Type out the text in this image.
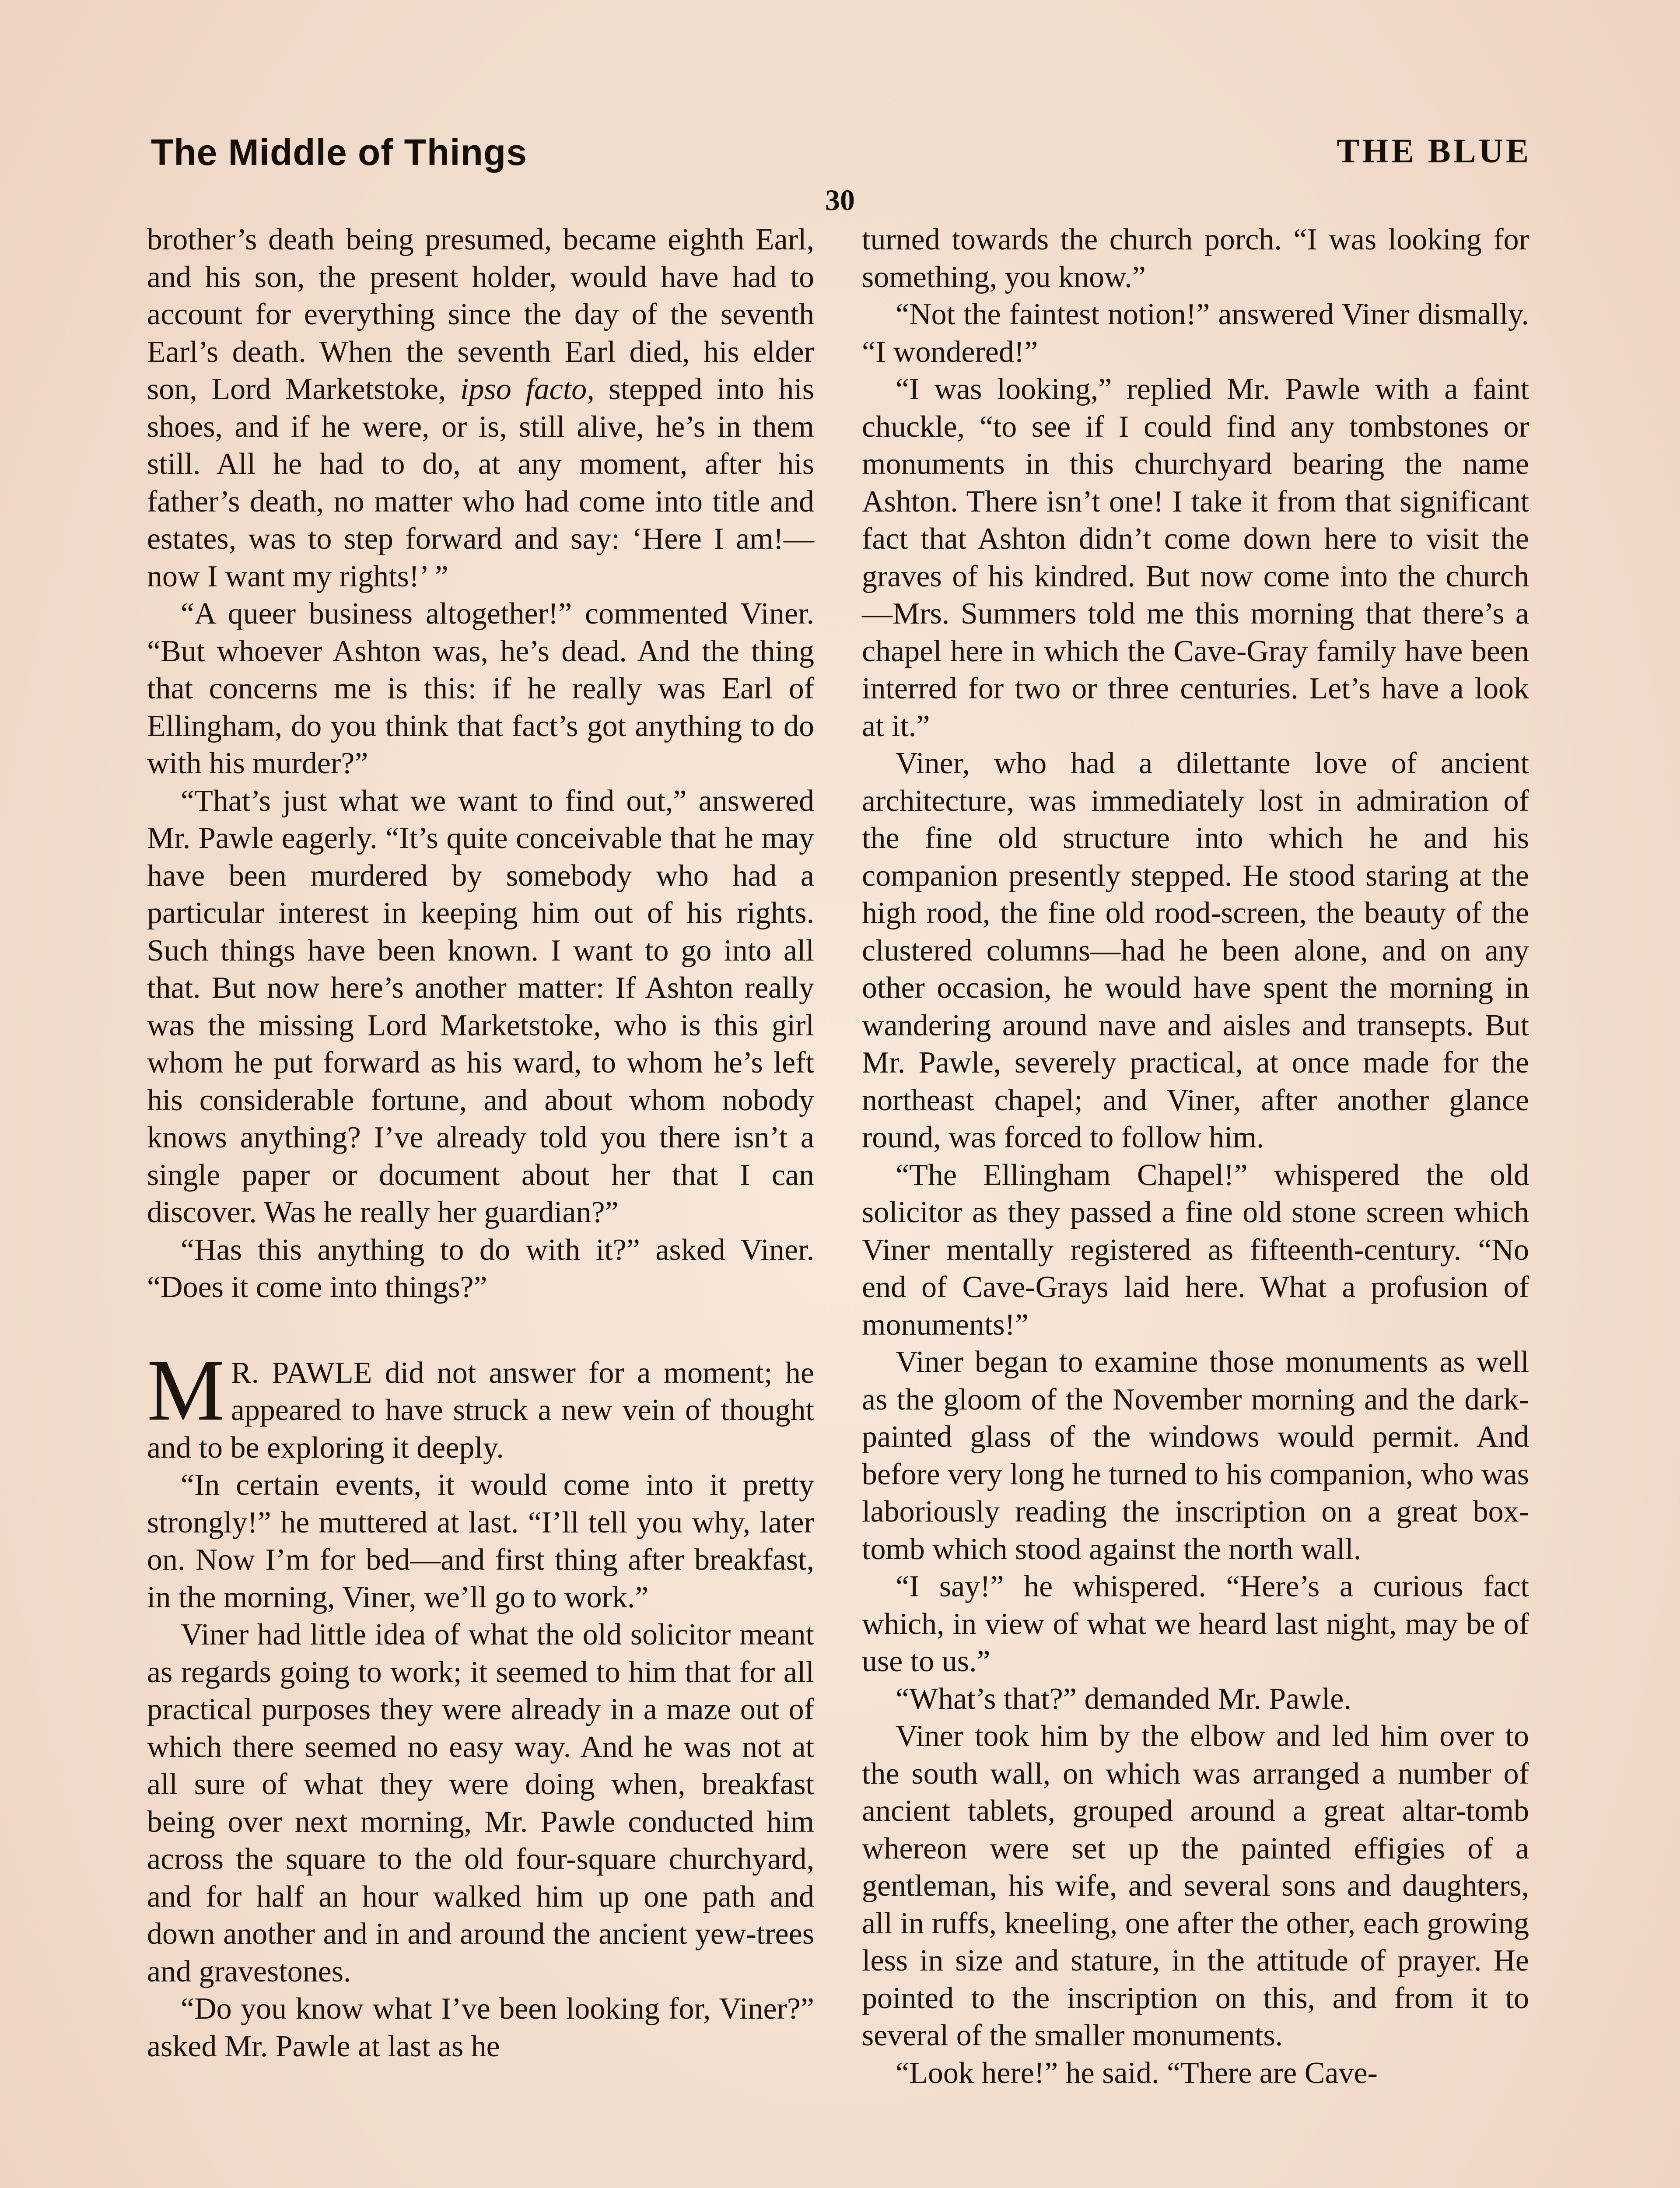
The Middle of Things	THE BLUE
30

brother’s death being presumed, became eighth Earl, and his son, the present holder, would have had to account for everything since the day of the seventh Earl’s death. When the seventh Earl died, his elder son, Lord Marketstoke, ipso facto, stepped into his shoes, and if he were, or is, still alive, he’s in them still. All he had to do, at any moment, after his father’s death, no matter who had come into title and estates, was to step forward and say: ‘Here I am!—now I want my rights!’ ”

“A queer business altogether!” commented Viner. “But whoever Ashton was, he’s dead. And the thing that concerns me is this: if he really was Earl of Ellingham, do you think that fact’s got anything to do with his murder?”

“That’s just what we want to find out,” answered Mr. Pawle eagerly. “It’s quite conceivable that he may have been murdered by somebody who had a particular interest in keeping him out of his rights. Such things have been known. I want to go into all that. But now here’s another matter: If Ashton really was the missing Lord Marketstoke, who is this girl whom he put forward as his ward, to whom he’s left his considerable fortune, and about whom nobody knows anything? I’ve already told you there isn’t a single paper or document about her that I can discover. Was he really her guardian?”

“Has this anything to do with it?” asked Viner. “Does it come into things?”

M R. PAWLE did not answer for a moment; he appeared to have struck a new vein of thought and to be exploring it deeply.

“In certain events, it would come into it pretty strongly!” he muttered at last. “I’ll tell you why, later on. Now I’m for bed—and first thing after breakfast, in the morning, Viner, we’ll go to work.”

Viner had little idea of what the old solicitor meant as regards going to work; it seemed to him that for all practical purposes they were already in a maze out of which there seemed no easy way. And he was not at all sure of what they were doing when, breakfast being over next morning, Mr. Pawle conducted him across the square to the old four-square churchyard, and for half an hour walked him up one path and down another and in and around the ancient yew-trees and gravestones.

“Do you know what I’ve been looking for, Viner?” asked Mr. Pawle at last as he

turned towards the church porch. “I was looking for something, you know.”

“Not the faintest notion!” answered Viner dismally. “I wondered!”

“I was looking,” replied Mr. Pawle with a faint chuckle, “to see if I could find any tombstones or monuments in this churchyard bearing the name Ashton. There isn’t one! I take it from that significant fact that Ashton didn’t come down here to visit the graves of his kindred. But now come into the church—Mrs. Summers told me this morning that there’s a chapel here in which the Cave-Gray family have been interred for two or three centuries. Let’s have a look at it.”

Viner, who had a dilettante love of ancient architecture, was immediately lost in admiration of the fine old structure into which he and his companion presently stepped. He stood staring at the high rood, the fine old rood-screen, the beauty of the clustered columns—had he been alone, and on any other occasion, he would have spent the morning in wandering around nave and aisles and transepts. But Mr. Pawle, severely practical, at once made for the northeast chapel; and Viner, after another glance round, was forced to follow him.

“The Ellingham Chapel!” whispered the old solicitor as they passed a fine old stone screen which Viner mentally registered as fifteenth-century. “No end of Cave-Grays laid here. What a profusion of monuments!”

Viner began to examine those monuments as well as the gloom of the November morning and the dark-painted glass of the windows would permit. And before very long he turned to his companion, who was laboriously reading the inscription on a great box-tomb which stood against the north wall.

“I say!” he whispered. “Here’s a curious fact which, in view of what we heard last night, may be of use to us.”

“What’s that?” demanded Mr. Pawle.

Viner took him by the elbow and led him over to the south wall, on which was arranged a number of ancient tablets, grouped around a great altar-tomb whereon were set up the painted effigies of a gentleman, his wife, and several sons and daughters, all in ruffs, kneeling, one after the other, each growing less in size and stature, in the attitude of prayer. He pointed to the inscription on this, and from it to several of the smaller monuments.

“Look here!” he said. “There are Cave-
